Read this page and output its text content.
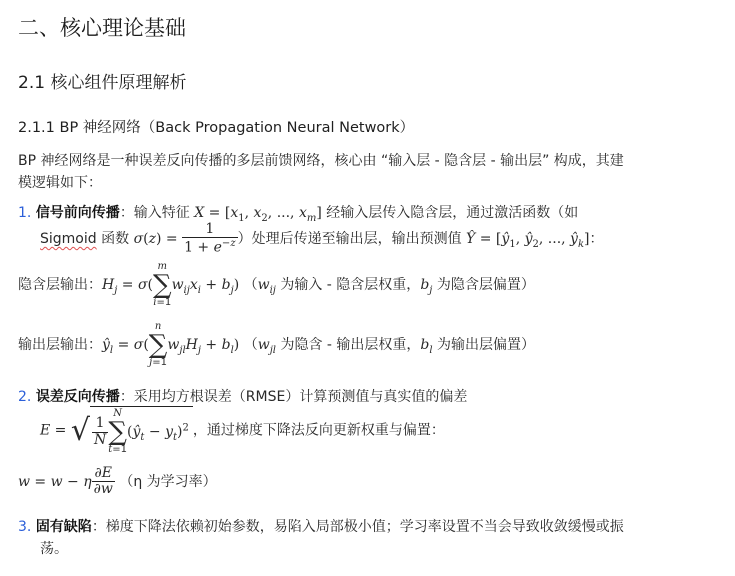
二、核心理论基础
2.1 核心组件原理解析
2.1.1 BP 神经网络（Back Propagation Neural Network）
BP 神经网络是一种误差反向传播的多层前馈网络，核心由 “输入层 - 隐含层 - 输出层” 构成，其建
模逻辑如下：
1. 信号前向传播：输入特征 $X = [x_1$, $x_2$, ..., $x_m$] 经输入层传入隐含层，通过激活函数（如
Sigmoid 函数 $\sigma(z) = \frac{1}{1 + e^{-z}}$ ）处理后传递至输出层，输出预测值 Ŷ = [$ŷ_1$, $ŷ_2$, ..., $ŷ_k$]：
隐含层输出：$H_j = \sigma$(
m
∑
i=1
$w_{ij}x_i + b_j$) （$w_{ij}$ 为输入 - 隐含层权重，$b_j$ 为隐含层偏置）
输出层输出：$ŷ_l = \sigma$(
n
∑
j=1
$w_{jl}H_j + b_l$) （$w_{jl}$ 为隐含 - 输出层权重，$b_l$ 为输出层偏置）
2. 误差反向传播：采用均方根误差（RMSE）计算预测值与真实值的偏差
E = √ $\frac{1}{N}$
N
∑
t=1
$(ŷ_t - y_t)^2$ ，通过梯度下降法反向更新权重与偏置：
w = w − η $\frac{\partial E}{\partial w} (\eta$ 为学习率）
3. 固有缺陷：梯度下降法依赖初始参数，易陷入局部极小值；学习率设置不当会导致收敛缓慢或振
荡。
